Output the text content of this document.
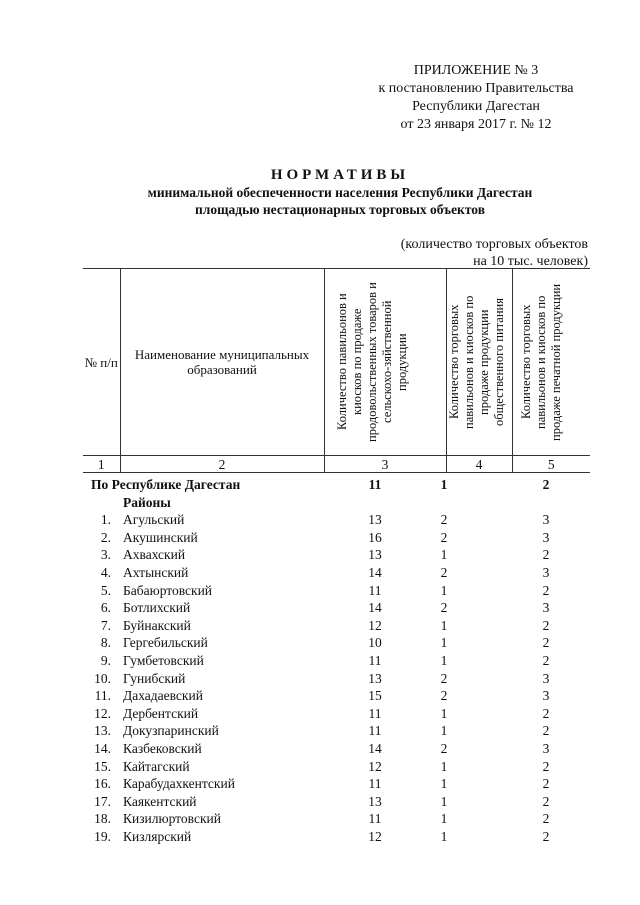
ПРИЛОЖЕНИЕ № 3
к постановлению Правительства
Республики Дагестан
от 23 января 2017 г. № 12
НОРМАТИВЫ
минимальной обеспеченности населения Республики Дагестан
площадью нестационарных торговых объектов
(количество торговых объектов
на 10 тыс. человек)
№ п/п	Наименование муниципальных образований	Количество павильонов и киосков по продаже продовольственных товаров и сельскохо-зяйственной продукции	Количество торговых павильонов и киосков по продаже продукции общественного питания	Количество торговых павильонов и киосков по продаже печатной продукции

1	2	3	4	5
По Республике Дагестан	11	1	2
Районы
1. Агульский	13	2	3
2. Акушинский	16	2	3
3. Ахвахский	13	1	2
4. Ахтынский	14	2	3
5. Бабаюртовский	11	1	2
6. Ботлихский	14	2	3
7. Буйнакский	12	1	2
8. Гергебильский	10	1	2
9. Гумбетовский	11	1	2
10. Гунибский	13	2	3
11. Дахадаевский	15	2	3
12. Дербентский	11	1	2
13. Докузпаринский	11	1	2
14. Казбековский	14	2	3
15. Кайтагский	12	1	2
16. Карабудахкентский	11	1	2
17. Каякентский	13	1	2
18. Кизилюртовский	11	1	2
19. Кизлярский	12	1	2
